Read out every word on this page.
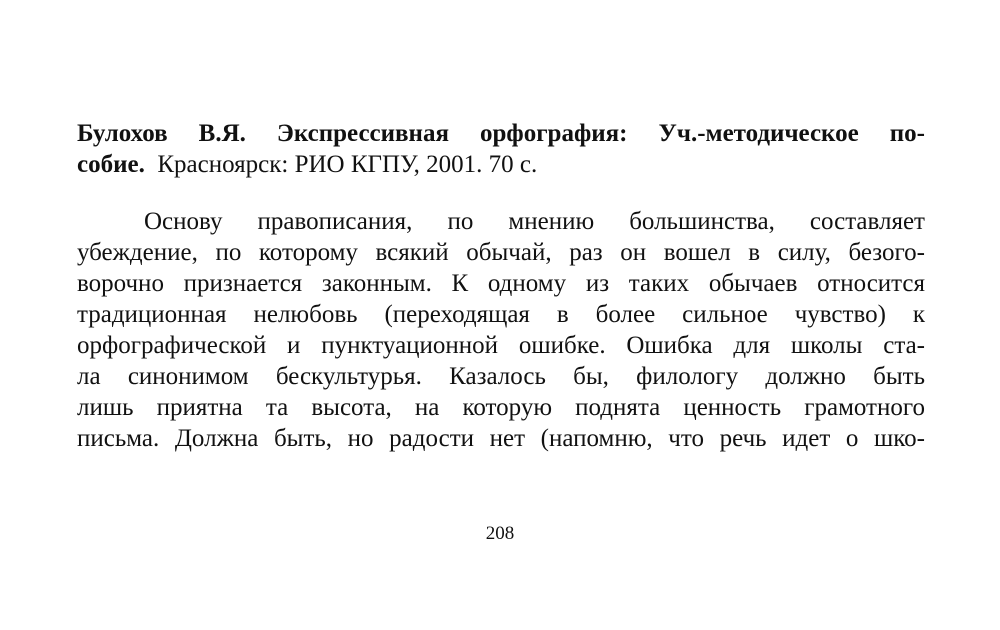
Булохов В.Я. Экспрессивная орфография: Уч.-методическое по-
собие. Красноярск: РИО КГПУ, 2001. 70 с.
Основу правописания, по мнению большинства, составляет
убеждение, по которому всякий обычай, раз он вошел в силу, безого-
ворочно признается законным. К одному из таких обычаев относится
традиционная нелюбовь (переходящая в более сильное чувство) к
орфографической и пунктуационной ошибке. Ошибка для школы ста-
ла синонимом бескультурья. Казалось бы, филологу должно быть
лишь приятна та высота, на которую поднята ценность грамотного
письма. Должна быть, но радости нет (напомню, что речь идет о шко-
208
